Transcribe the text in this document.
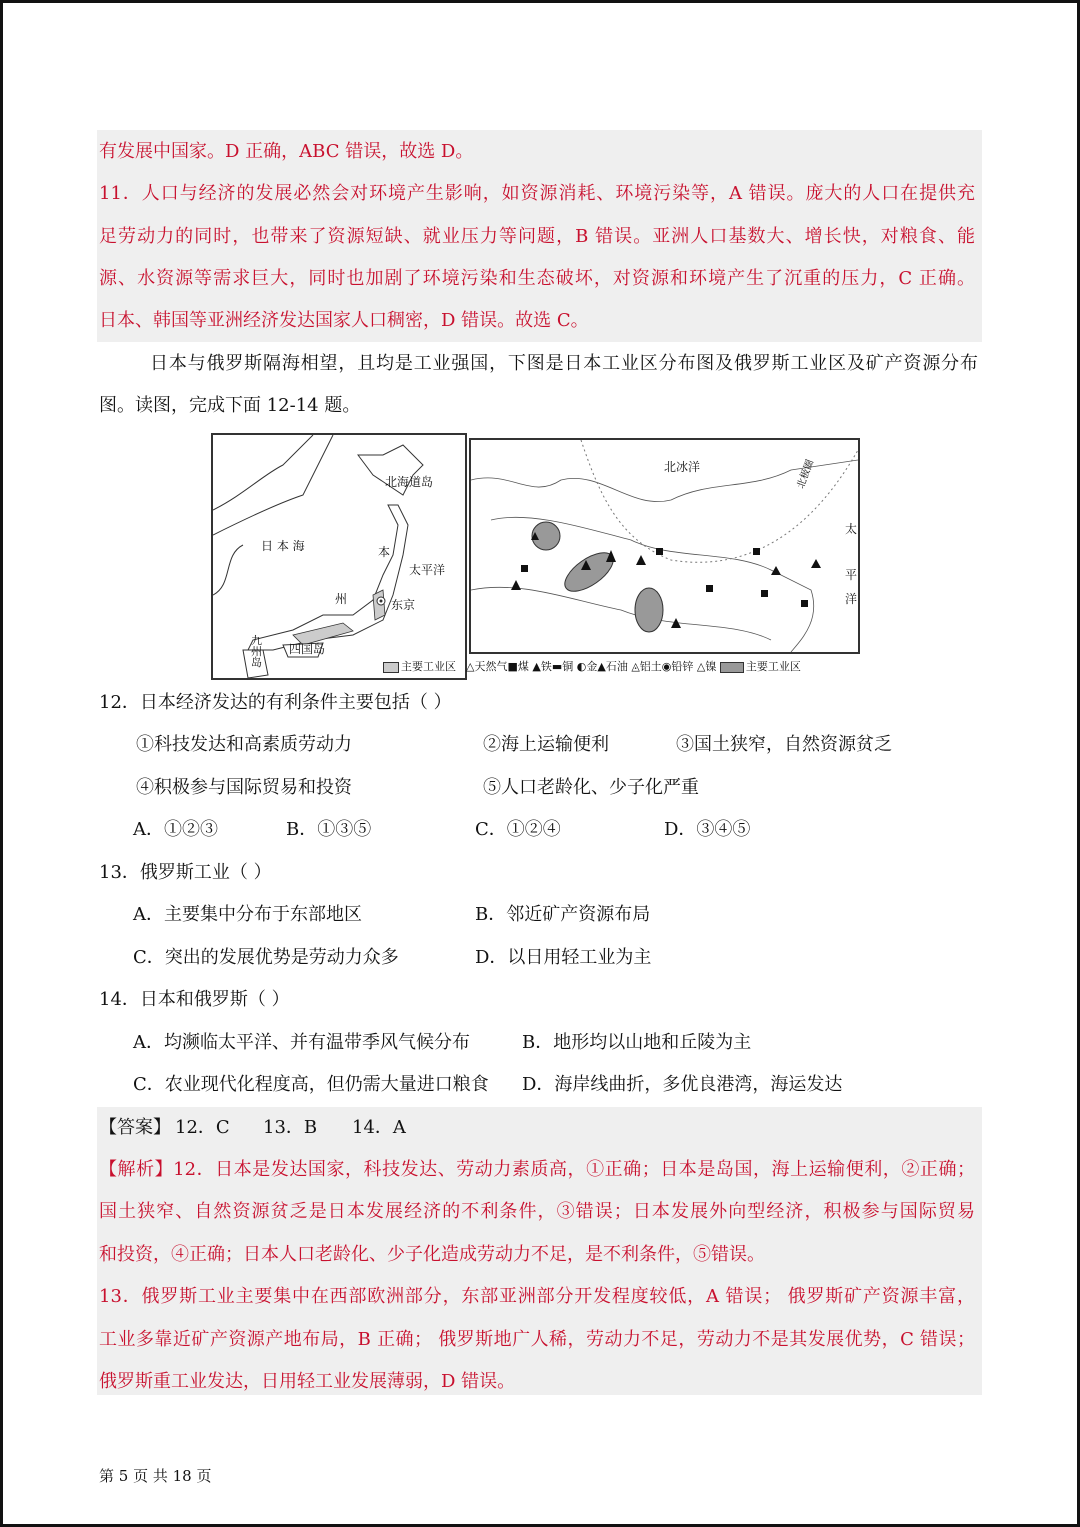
有发展中国家。D 正确，ABC 错误，故选 D。
11．人口与经济的发展必然会对环境产生影响，如资源消耗、环境污染等，A 错误。庞大的人口在提供充
足劳动力的同时，也带来了资源短缺、就业压力等问题，B 错误。亚洲人口基数大、增长快，对粮食、能
源、水资源等需求巨大，同时也加剧了环境污染和生态破坏，对资源和环境产生了沉重的压力，C 正确。
日本、韩国等亚洲经济发达国家人口稠密，D 错误。故选 C。
日本与俄罗斯隔海相望，且均是工业强国，下图是日本工业区分布图及俄罗斯工业区及矿产资源分布
图。读图，完成下面 12-14 题。
北海道岛
日 本 海	本
州
太平洋
东京
四国岛
九州岛	主要工业区
北冰洋	北极圈
太
平
洋
△天然气■煤 ▲铁▬铜 ◐金▲石油 ◬铝土◉铅锌 △镍	主要工业区
12．日本经济发达的有利条件主要包括（ ）
①科技发达和高素质劳动力	②海上运输便利	③国土狭窄，自然资源贫乏
④积极参与国际贸易和投资	⑤人口老龄化、少子化严重
A．①②③	B．①③⑤	C．①②④	D．③④⑤
13．俄罗斯工业（ ）
A．主要集中分布于东部地区	B．邻近矿产资源布局
C．突出的发展优势是劳动力众多	D．以日用轻工业为主
14．日本和俄罗斯（ ）
A．均濒临太平洋、并有温带季风气候分布	B．地形均以山地和丘陵为主
C．农业现代化程度高，但仍需大量进口粮食 D．海岸线曲折，多优良港湾，海运发达
【答案】 12．C 13．B 14．A
【解析】12．日本是发达国家，科技发达、劳动力素质高，①正确；日本是岛国，海上运输便利，②正确；
国土狭窄、自然资源贫乏是日本发展经济的不利条件，③错误；日本发展外向型经济，积极参与国际贸易
和投资，④正确；日本人口老龄化、少子化造成劳动力不足，是不利条件，⑤错误。
13．俄罗斯工业主要集中在西部欧洲部分，东部亚洲部分开发程度较低，A 错误； 俄罗斯矿产资源丰富，
工业多靠近矿产资源产地布局，B 正确； 俄罗斯地广人稀，劳动力不足，劳动力不是其发展优势，C 错误；
俄罗斯重工业发达，日用轻工业发展薄弱，D 错误。
第 5 页 共 18 页
